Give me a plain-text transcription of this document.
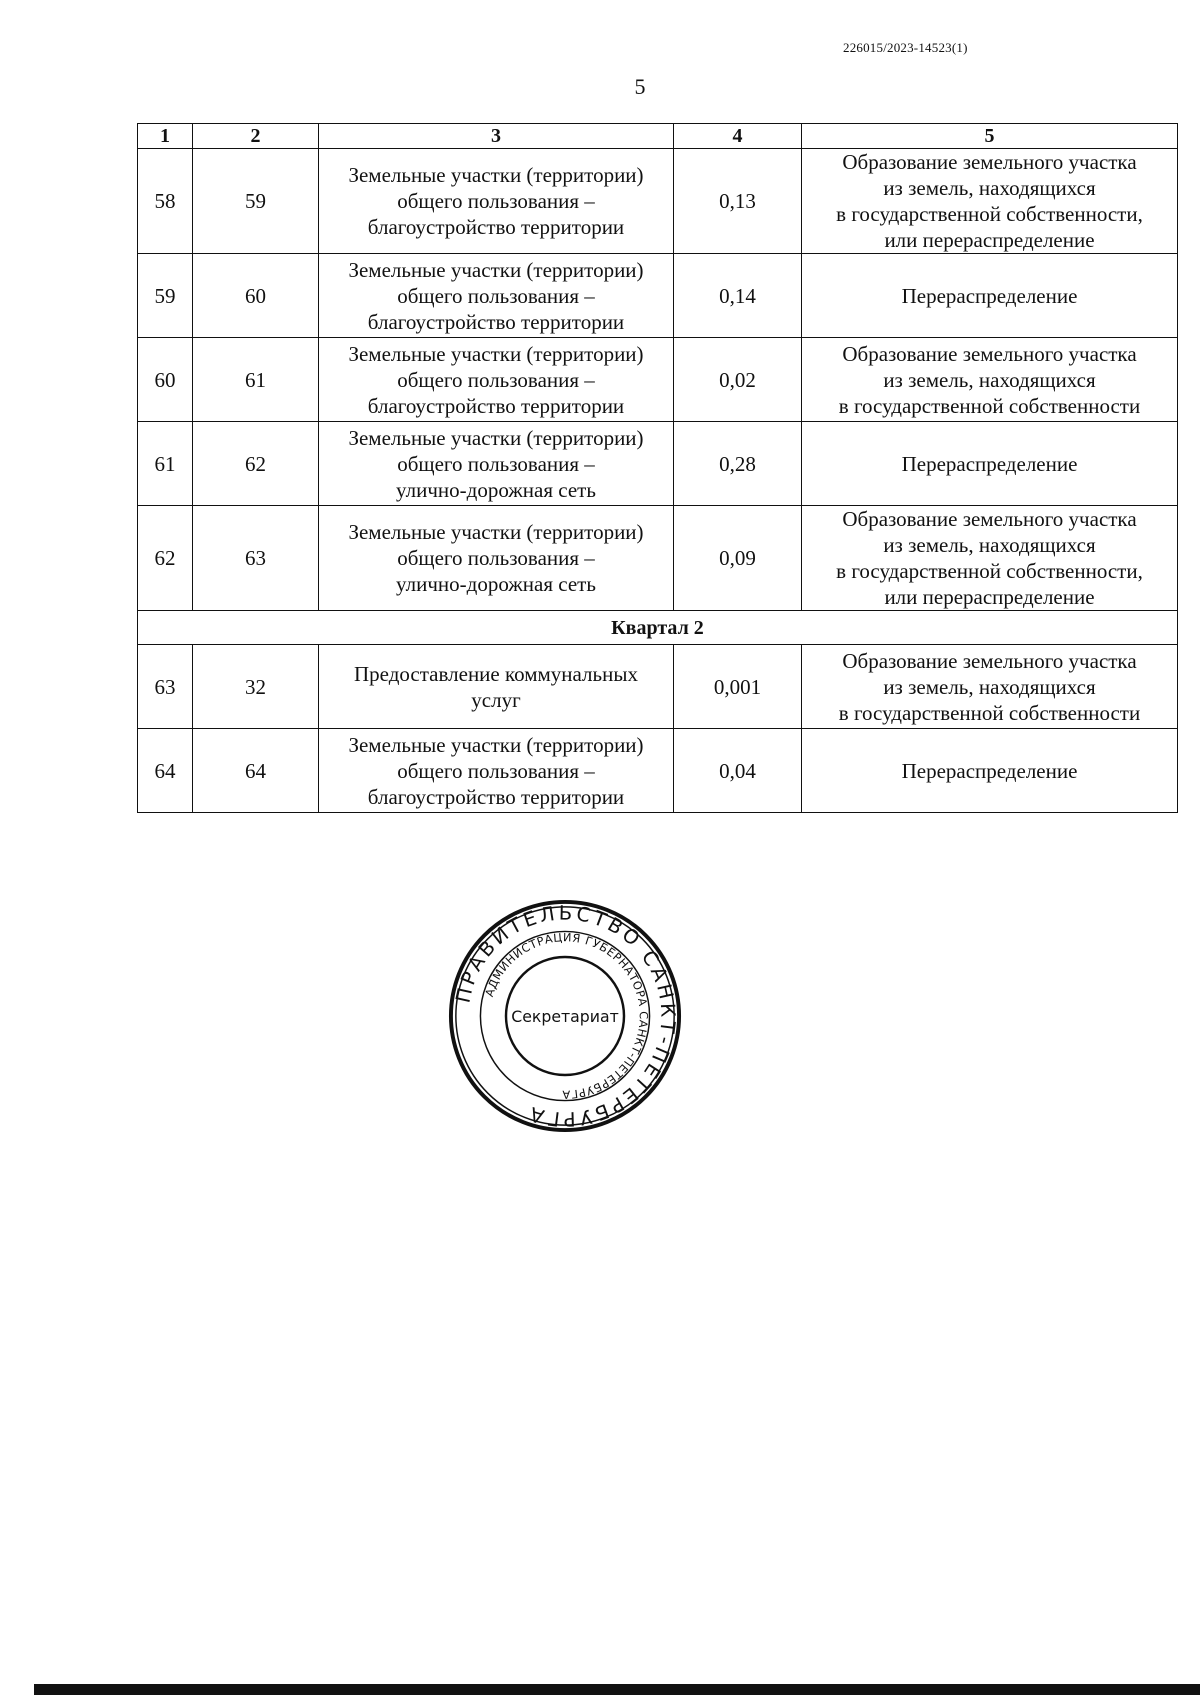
226015/2023-14523(1)
5
1	2	3	4	5
58	59	Земельные участки (территории)
общего пользования –
благоустройство территории	0,13	Образование земельного участка
из земель, находящихся
в государственной собственности,
или перераспределение

59	60	Земельные участки (территории)
общего пользования –
благоустройство территории	0,14	Перераспределение

60	61	Земельные участки (территории)
общего пользования –
благоустройство территории	0,02	Образование земельного участка
из земель, находящихся
в государственной собственности

61	62	Земельные участки (территории)
общего пользования –
улично-дорожная сеть	0,28	Перераспределение

62	63	Земельные участки (территории)
общего пользования –
улично-дорожная сеть	0,09	Образование земельного участка
из земель, находящихся
в государственной собственности,
или перераспределение

Квартал 2				
63	32	Предоставление коммунальных
услуг	0,001	Образование земельного участка
из земель, находящихся
в государственной собственности

64	64	Земельные участки (территории)
общего пользования –
благоустройство территории	0,04	Перераспределение
ПРАВИТЕЛЬСТВО САНКТ-ПЕТЕРБУРГА
АДМИНИСТРАЦИЯ ГУБЕРНАТОРА САНКТ-ПЕТЕРБУРГА
Секретариат
